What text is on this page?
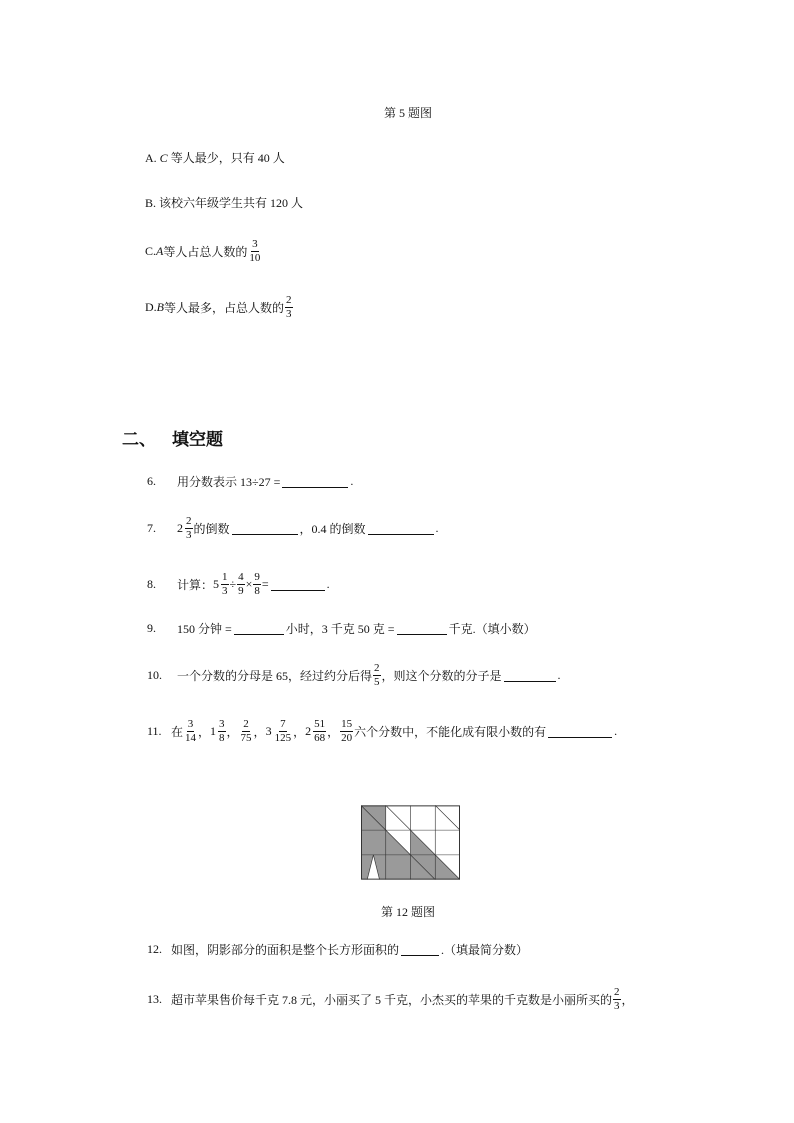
第 5 题图
A. C 等人最少，只有 40 人
B. 该校六年级学生共有 120 人
C. A 等人占总人数的 $\frac{3}{10}$
D. B 等人最多，占总人数的 $\frac{2}{3}$
二、 填空题
6.	用分数表示 13÷27 =	.
7.	$2 \frac{2}{3}$ 的倒数	，0.4 的倒数	.
8.	计算： $5 \frac{1}{3} \div \frac{4}{9} \times \frac{9}{8}$ =	.
9.	150 分钟 =	小时，3 千克 50 克 =	千克.（填小数）
10.	一个分数的分母是 65，经过约分后得 $\frac{2}{5}$ ，则这个分数的分子是	.
11. 在 $\frac{3}{14}$ ， $1 \frac{3}{8}$ ， $\frac{2}{75}$ ， $3 \frac{7}{125}$ ， $2 \frac{51}{68}$ ， $\frac{15}{20}$ 六个分数中，不能化成有限小数的有	.
第 12 题图
12. 如图，阴影部分的面积是整个长方形面积的	.（填最简分数）
13. 超市苹果售价每千克 7.8 元，小丽买了 5 千克，小杰买的苹果的千克数是小丽所买的 $\frac{2}{3}$ ，
